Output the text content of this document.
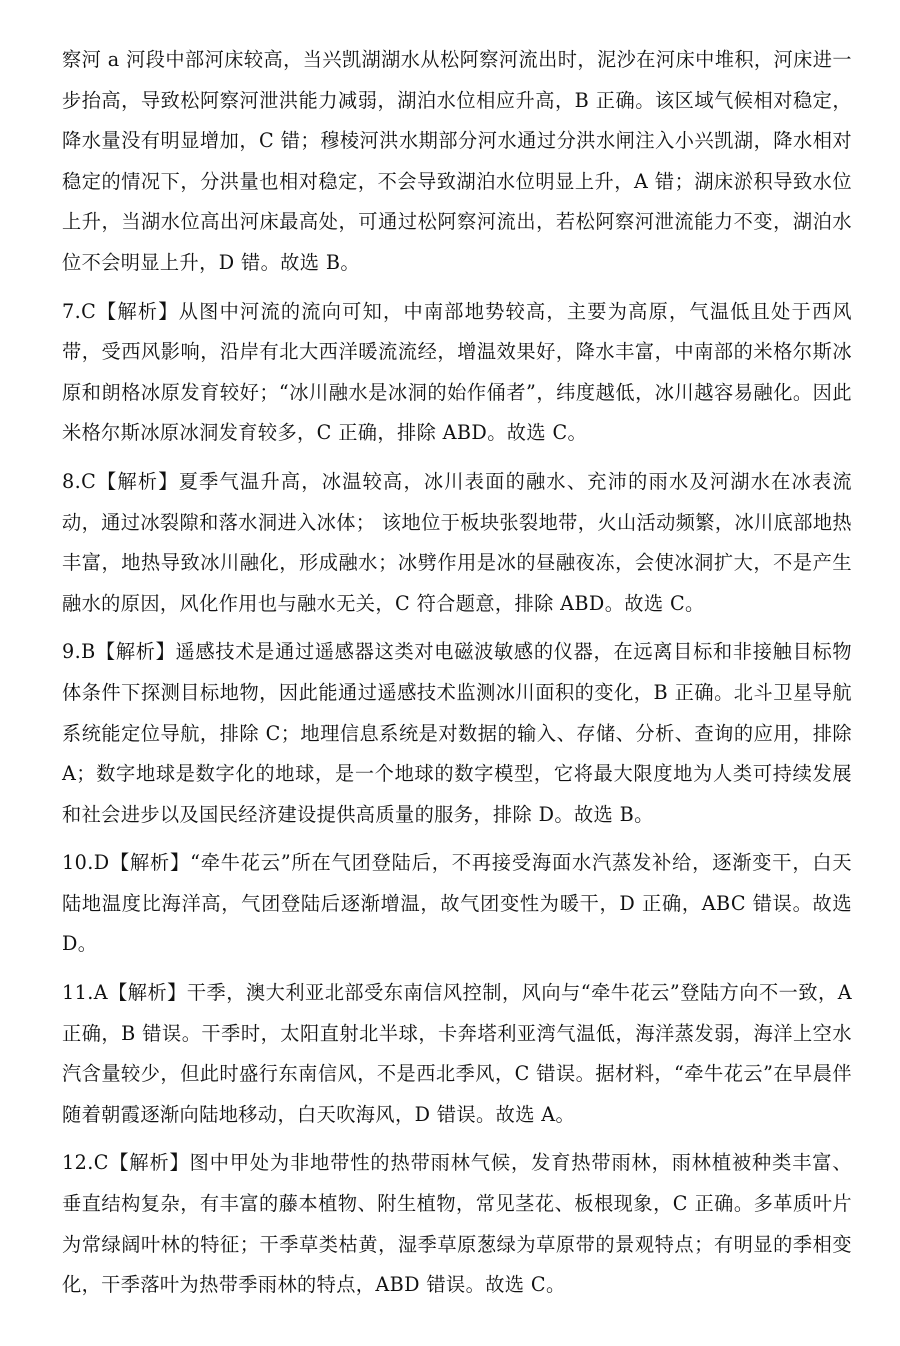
察河 a 河段中部河床较高，当兴凯湖湖水从松阿察河流出时，泥沙在河床中堆积，河床进一步抬高，导致松阿察河泄洪能力减弱，湖泊水位相应升高，B 正确。该区域气候相对稳定，降水量没有明显增加，C 错；穆棱河洪水期部分河水通过分洪水闸注入小兴凯湖，降水相对稳定的情况下，分洪量也相对稳定，不会导致湖泊水位明显上升，A 错；湖床淤积导致水位上升，当湖水位高出河床最高处，可通过松阿察河流出，若松阿察河泄流能力不变，湖泊水位不会明显上升，D 错。故选 B。

7.C【解析】从图中河流的流向可知，中南部地势较高，主要为高原，气温低且处于西风带，受西风影响，沿岸有北大西洋暖流流经，增温效果好，降水丰富，中南部的米格尔斯冰原和朗格冰原发育较好；“冰川融水是冰洞的始作俑者”，纬度越低，冰川越容易融化。因此米格尔斯冰原冰洞发育较多，C 正确，排除 ABD。故选 C。

8.C【解析】夏季气温升高，冰温较高，冰川表面的融水、充沛的雨水及河湖水在冰表流动，通过冰裂隙和落水洞进入冰体； 该地位于板块张裂地带，火山活动频繁，冰川底部地热丰富，地热导致冰川融化，形成融水；冰劈作用是冰的昼融夜冻，会使冰洞扩大，不是产生融水的原因，风化作用也与融水无关，C 符合题意，排除 ABD。故选 C。

9.B【解析】遥感技术是通过遥感器这类对电磁波敏感的仪器，在远离目标和非接触目标物体条件下探测目标地物，因此能通过遥感技术监测冰川面积的变化，B 正确。北斗卫星导航系统能定位导航，排除 C；地理信息系统是对数据的输入、存储、分析、查询的应用，排除 A；数字地球是数字化的地球，是一个地球的数字模型，它将最大限度地为人类可持续发展和社会进步以及国民经济建设提供高质量的服务，排除 D。故选 B。

10.D【解析】“牵牛花云”所在气团登陆后，不再接受海面水汽蒸发补给，逐渐变干，白天陆地温度比海洋高，气团登陆后逐渐增温，故气团变性为暖干，D 正确，ABC 错误。故选 D。

11.A【解析】干季，澳大利亚北部受东南信风控制，风向与“牵牛花云”登陆方向不一致，A 正确，B 错误。干季时，太阳直射北半球，卡奔塔利亚湾气温低，海洋蒸发弱，海洋上空水汽含量较少，但此时盛行东南信风，不是西北季风，C 错误。据材料，“牵牛花云”在早晨伴随着朝霞逐渐向陆地移动，白天吹海风，D 错误。故选 A。

12.C【解析】图中甲处为非地带性的热带雨林气候，发育热带雨林，雨林植被种类丰富、垂直结构复杂，有丰富的藤本植物、附生植物，常见茎花、板根现象，C 正确。多革质叶片为常绿阔叶林的特征；干季草类枯黄，湿季草原葱绿为草原带的景观特点；有明显的季相变化，干季落叶为热带季雨林的特点，ABD 错误。故选 C。
